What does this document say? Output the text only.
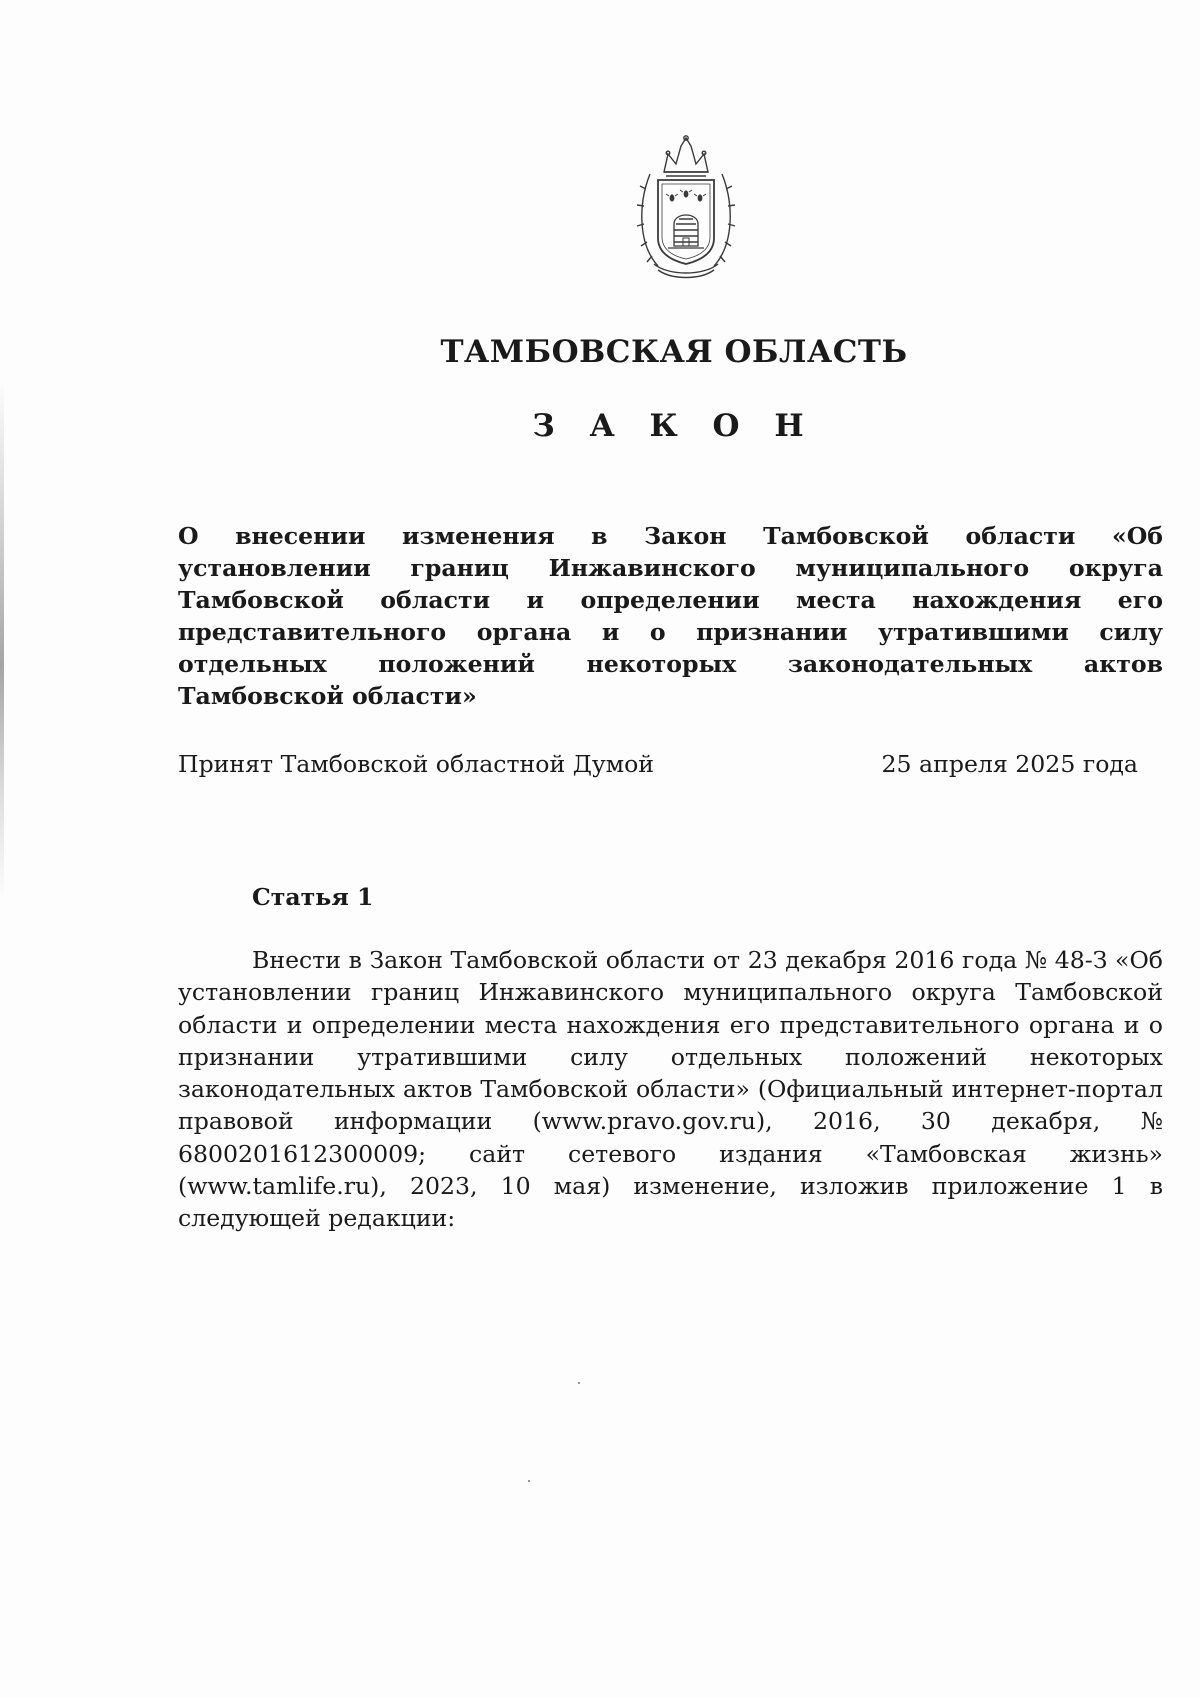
ТАМБОВСКАЯ ОБЛАСТЬ
З А К О Н
О внесении изменения в Закон Тамбовской области «Об установлении границ Инжавинского муниципального округа Тамбовской области и определении места нахождения его представительного органа и о признании утратившими силу отдельных положений некоторых законодательных актов Тамбовской области»
Принят Тамбовской областной Думой	25 апреля 2025 года
Статья 1

Внести в Закон Тамбовской области от 23 декабря 2016 года № 48-З «Об установлении границ Инжавинского муниципального округа Тамбовской области и определении места нахождения его представительного органа и о признании утратившими силу отдельных положений некоторых законодательных актов Тамбовской области» (Официальный интернет-портал правовой информации (www.pravo.gov.ru), 2016, 30 декабря, № 6800201612300009; сайт сетевого издания «Тамбовская жизнь» (www.tamlife.ru), 2023, 10 мая) изменение, изложив приложение 1 в следующей редакции:
